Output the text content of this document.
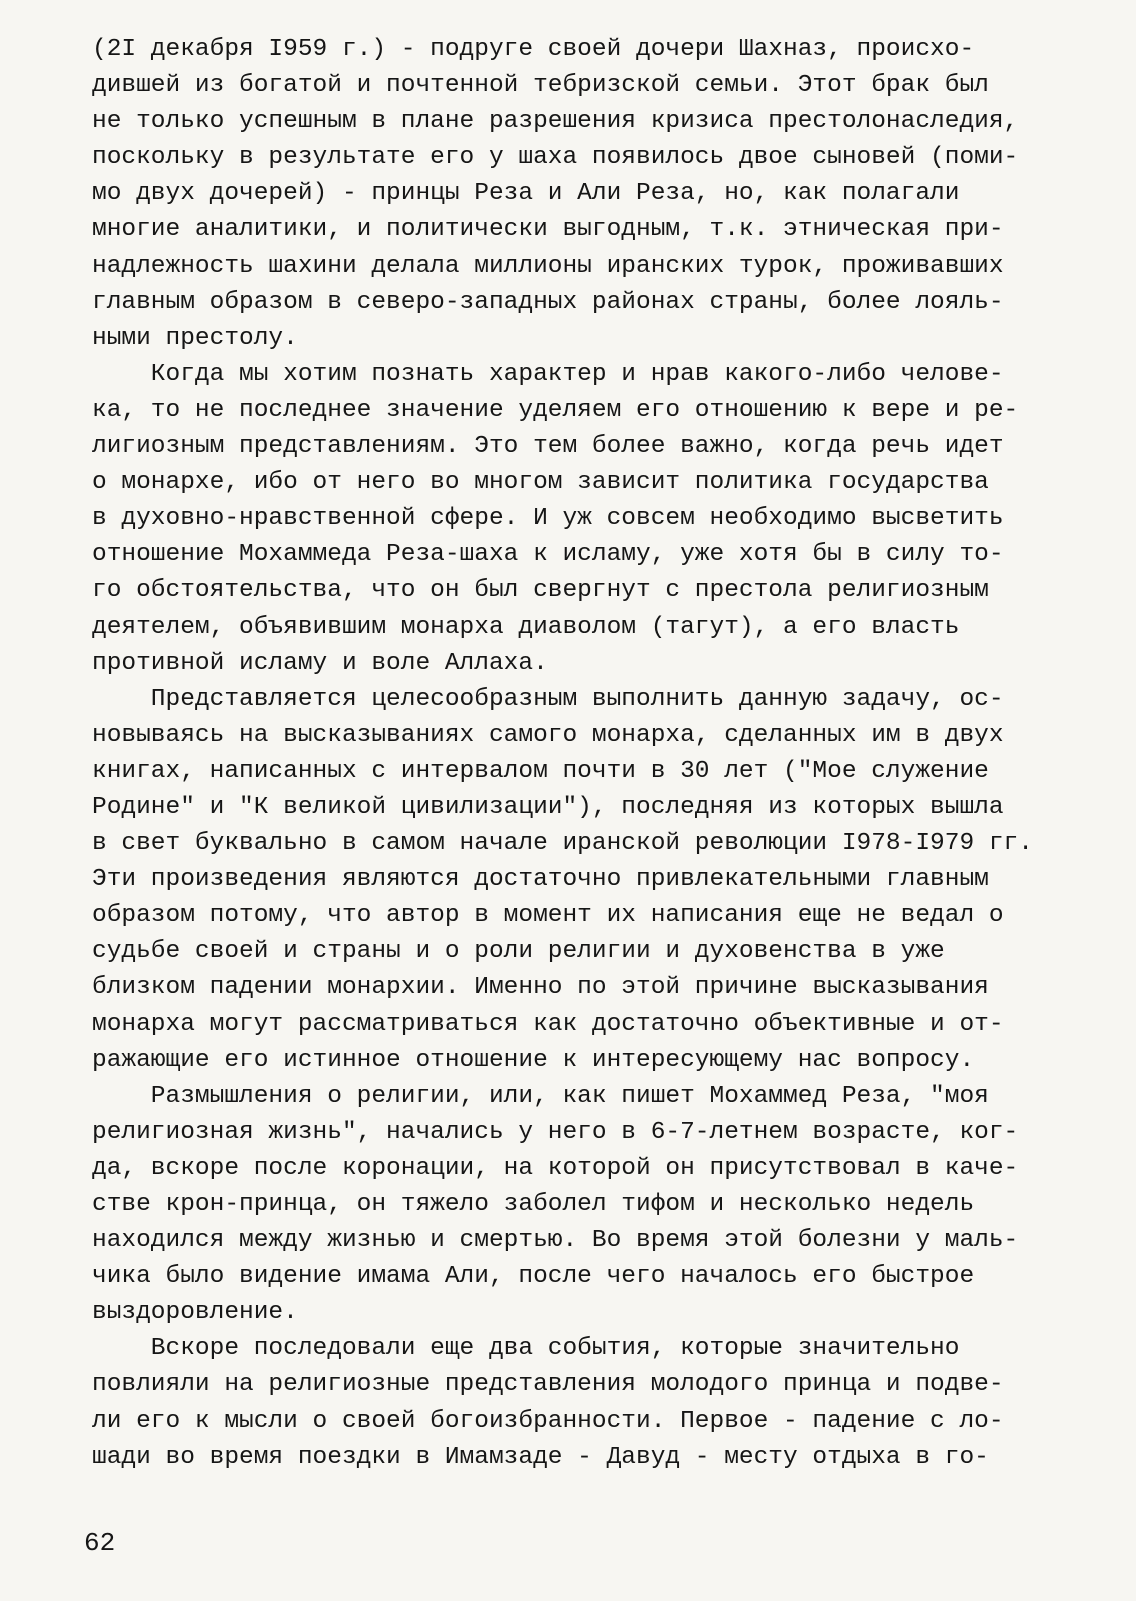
(2I декабря I959 г.) - подруге своей дочери Шахназ, происхо-
дившей из богатой и почтенной тебризской семьи. Этот брак был
не только успешным в плане разрешения кризиса престолонаследия,
поскольку в результате его у шаха появилось двое сыновей (поми-
мо двух дочерей) - принцы Реза и Али Реза, но, как полагали
многие аналитики, и политически выгодным, т.к. этническая при-
надлежность шахини делала миллионы иранских турок, проживавших
главным образом в северо-западных районах страны, более лояль-
ными престолу.
Когда мы хотим познать характер и нрав какого-либо челове-
ка, то не последнее значение уделяем его отношению к вере и ре-
лигиозным представлениям. Это тем более важно, когда речь идет
о монархе, ибо от него во многом зависит политика государства
в духовно-нравственной сфере. И уж совсем необходимо высветить
отношение Мохаммеда Реза-шаха к исламу, уже хотя бы в силу то-
го обстоятельства, что он был свергнут с престола религиозным
деятелем, объявившим монарха диаволом (тагут), а его власть
противной исламу и воле Аллаха.
Представляется целесообразным выполнить данную задачу, ос-
новываясь на высказываниях самого монарха, сделанных им в двух
книгах, написанных с интервалом почти в 30 лет ("Мое служение
Родине" и "К великой цивилизации"), последняя из которых вышла
в свет буквально в самом начале иранской революции I978-I979 гг.
Эти произведения являются достаточно привлекательными главным
образом потому, что автор в момент их написания еще не ведал о
судьбе своей и страны и о роли религии и духовенства в уже
близком падении монархии. Именно по этой причине высказывания
монарха могут рассматриваться как достаточно объективные и от-
ражающие его истинное отношение к интересующему нас вопросу.
Размышления о религии, или, как пишет Мохаммед Реза, "моя
религиозная жизнь", начались у него в 6-7-летнем возрасте, ког-
да, вскоре после коронации, на которой он присутствовал в каче-
стве крон-принца, он тяжело заболел тифом и несколько недель
находился между жизнью и смертью. Во время этой болезни у маль-
чика было видение имама Али, после чего началось его быстрое
выздоровление.
Вскоре последовали еще два события, которые значительно
повлияли на религиозные представления молодого принца и подве-
ли его к мысли о своей богоизбранности. Первое - падение с ло-
шади во время поездки в Имамзаде - Давуд - месту отдыха в го-
62
